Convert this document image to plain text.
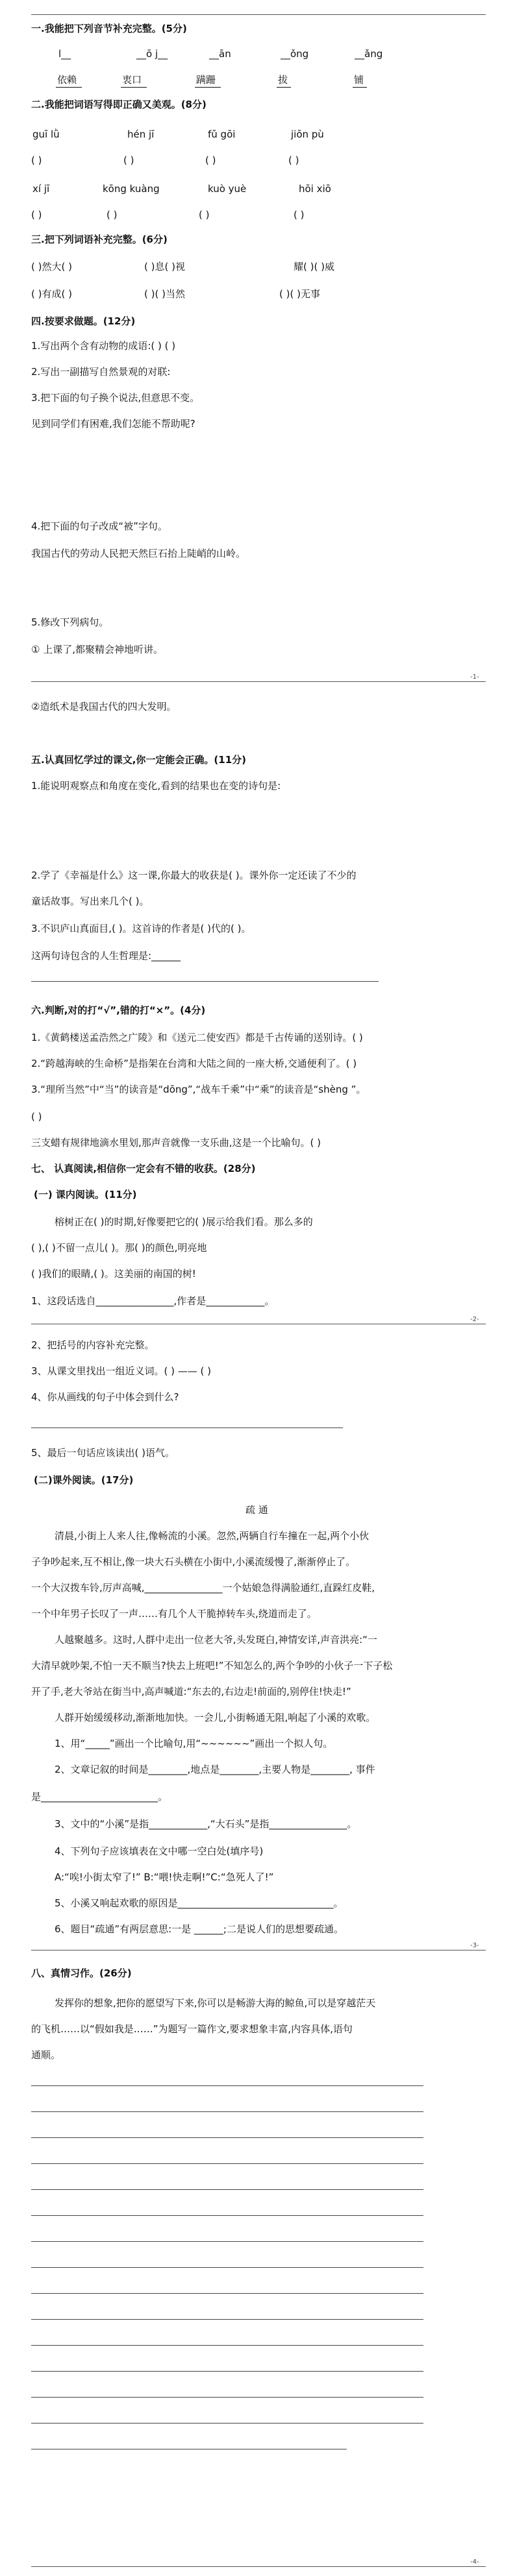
一.我能把下列音节补充完整。(5分)
l__	__ō j__	__ān	__ǒng	__ǎng
依赖	衷口	蹒跚	拔	铺
二.我能把词语写得即正确又美观。(8分)
guī lǜ	hén jī	fǔ gōi	jiōn pù
( )	( )	( )	( )
xí jī	kōng kuàng	kuò yuè	hōi xiō
( )	( )	( )	( )
三.把下列词语补充完整。(6分)
( )然大( )	( )息( )视	耀( )( )威
( )有成( )	( )( )当然	( )( )无事
四.按要求做题。(12分)
1.写出两个含有动物的成语:( ) ( )
2.写出一副描写自然景观的对联:
3.把下面的句子换个说法,但意思不变。
见到同学们有困难,我们怎能不帮助呢?
4.把下面的句子改成“被”字句。
我国古代的劳动人民把天然巨石抬上陡峭的山岭。
5.修改下列病句。
① 上课了,都聚精会神地听讲。
-1-
②造纸术是我国古代的四大发明。
五.认真回忆学过的课文,你一定能会正确。(11分)
1.能说明观察点和角度在变化,看到的结果也在变的诗句是:
2.学了《幸福是什么》这一课,你最大的收获是( )。课外你一定还读了不少的
童话故事。写出来几个( )。
3.不识庐山真面目,( )。这首诗的作者是( )代的( )。
这两句诗包含的人生哲理是:______
六.判断,对的打“√”,错的打“×”。(4分)
1.《黄鹤楼送孟浩然之广陵》和《送元二使安西》都是千古传诵的送别诗。( )
2.“跨越海峡的生命桥”是指架在台湾和大陆之间的一座大桥,交通便利了。( )
3.“理所当然”中“当”的读音是“dōng”,“战车千乘”中“乘”的读音是“shèng ”。
( )
三支蜡有规律地滴水里划,那声音就像一支乐曲,这是一个比喻句。( )
七、 认真阅读,相信你一定会有不错的收获。(28分)
(一) 课内阅读。(11分)
榕树正在( )的时期,好像要把它的( )展示给我们看。那么多的
( ),( )不留一点儿( )。那( )的颜色,明亮地
( )我们的眼睛,( )。这美丽的南国的树!
1、这段话选自________________,作者是____________。
-2-
2、把括号的内容补充完整。
3、从课文里找出一组近义词。( ) —— ( )
4、你从画线的句子中体会到什么?
5、最后一句话应该读出( )语气。
(二)课外阅读。(17分)
疏 通
清晨,小街上人来人往,像畅流的小溪。忽然,两辆自行车撞在一起,两个小伙
子争吵起来,互不相让,像一块大石头横在小街中,小溪流缓慢了,渐渐停止了。
一个大汉拨车铃,厉声高喊,________________一个姑娘急得满脸通红,直跺红皮鞋,
一个中年男子长叹了一声……有几个人干脆掉转车头,绕道而走了。
人越聚越多。这时,人群中走出一位老大爷,头发斑白,神情安详,声音洪亮:“一
大清早就吵架,不怕一天不顺当?快去上班吧!”不知怎么的,两个争吵的小伙子一下子松
开了手,老大爷站在街当中,高声喊道:“东去的,右边走!前面的,别停住!快走!”
人群开始缓缓移动,渐渐地加快。一会儿,小街畅通无阻,响起了小溪的欢歌。
1、用“_____”画出一个比喻句,用“~~~~~~”画出一个拟人句。
2、文章记叙的时间是________,地点是________,主要人物是________, 事件
是________________________。
3、文中的“小溪”是指____________,“大石头”是指________________。
4、下列句子应该填表在文中哪一空白处(填序号)
A:“唉!小街太窄了!” B:“喂!快走啊!”C:“急死人了!”
5、小溪又响起欢歌的原因是________________________________。
6、题目“疏通”有两层意思:一是 ______;二是说人们的思想要疏通。
-3-
八、真情习作。(26分)
发挥你的想象,把你的愿望写下来,你可以是畅游大海的鲸鱼,可以是穿越茫天
的飞机……以“假如我是……”为题写一篇作文,要求想象丰富,内容具体,语句
通顺。
-4-
